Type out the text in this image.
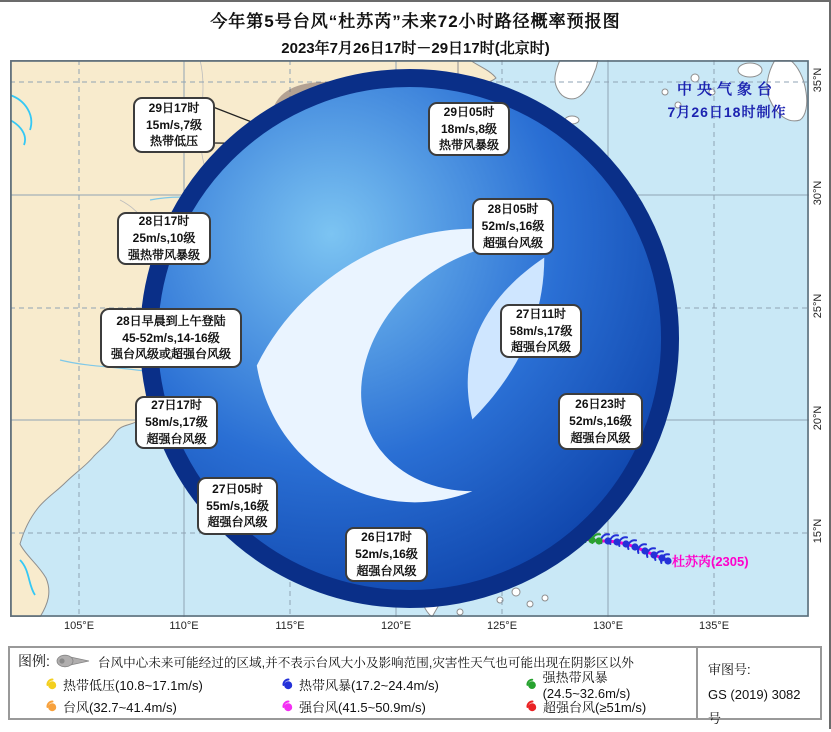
今年第5号台风“杜苏芮”未来72小时路径概率预报图
2023年7月26日17时－29日17时(北京时)
中央气象台
7月26日18时制作
杜苏芮(2305)
29日17时
15m/s,7级
热带低压
29日05时
18m/s,8级
热带风暴级
28日05时
52m/s,16级
超强台风级
28日17时
25m/s,10级
强热带风暴级
28日早晨到上午登陆
45-52m/s,14-16级
强台风级或超强台风级
27日11时
58m/s,17级
超强台风级
26日23时
52m/s,16级
超强台风级
27日17时
58m/s,17级
超强台风级
27日05时
55m/s,16级
超强台风级
26日17时
52m/s,16级
超强台风级
105°E	110°E	115°E	120°E	125°E	130°E	135°E
35°N
30°N
25°N
20°N
15°N
图例:	台风中心未来可能经过的区域,并不表示台风大小及影响范围,灾害性天气也可能出现在阴影区以外
热带低压(10.8~17.1m/s)	热带风暴(17.2~24.4m/s)	强热带风暴(24.5~32.6m/s)
台风(32.7~41.4m/s)	强台风(41.5~50.9m/s)	超强台风(≥51m/s)
审图号:
GS (2019) 3082号
